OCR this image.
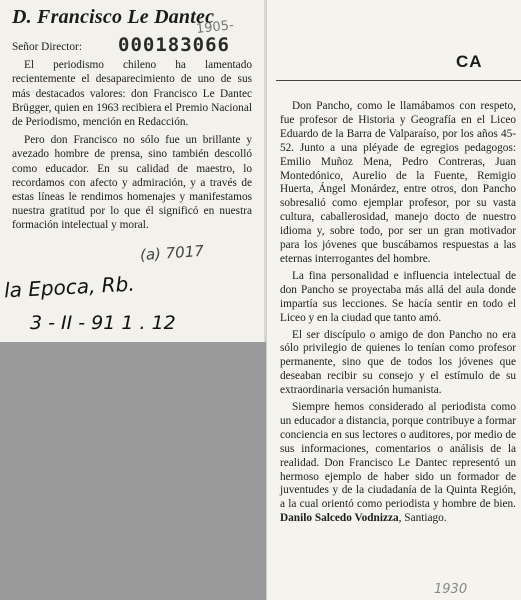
D. Francisco Le Dantec
1905-
000183066

Señor Director:

El periodismo chileno ha lamentado recientemente el desaparecimiento de uno de sus más destacados valores: don Francisco Le Dantec Brügger, quien en 1963 recibiera el Premio Nacional de Periodismo, mención en Redacción.

Pero don Francisco no sólo fue un brillante y avezado hombre de prensa, sino también descolló como educador. En su calidad de maestro, lo recordamos con afecto y admiración, y a través de estas líneas le rendimos homenajes y manifestamos nuestra gratitud por lo que él significó en nuestra formación intelectual y moral.

(a) 7017
la Epoca, Rb.
3 - II - 91 1 . 12
CA

Don Pancho, como le llamábamos con respeto, fue profesor de Historia y Geografía en el Liceo Eduardo de la Barra de Valparaíso, por los años 45-52. Junto a una pléyade de egregios pedagogos: Emilio Muñoz Mena, Pedro Contreras, Juan Montedónico, Aurelio de la Fuente, Remigio Huerta, Ángel Monárdez, entre otros, don Pancho sobresalió como ejemplar profesor, por su vasta cultura, caballerosidad, manejo docto de nuestro idioma y, sobre todo, por ser un gran motivador para los jóvenes que buscábamos respuestas a las eternas interrogantes del hombre.

La fina personalidad e influencia intelectual de don Pancho se proyectaba más allá del aula donde impartía sus lecciones. Se hacía sentir en todo el Liceo y en la ciudad que tanto amó.

El ser discípulo o amigo de don Pancho no era sólo privilegio de quienes lo tenían como profesor permanente, sino que de todos los jóvenes que deseaban recibir su consejo y el estímulo de su extraordinaria versación humanista.

Siempre hemos considerado al periodista como un educador a distancia, porque contribuye a formar conciencia en sus lectores o auditores, por medio de sus informaciones, comentarios o análisis de la realidad. Don Francisco Le Dantec representó un hermoso ejemplo de haber sido un formador de juventudes y de la ciudadanía de la Quinta Región, a la cual orientó como periodista y hombre de bien. Danilo Salcedo Vodnizza, Santiago.

1930
